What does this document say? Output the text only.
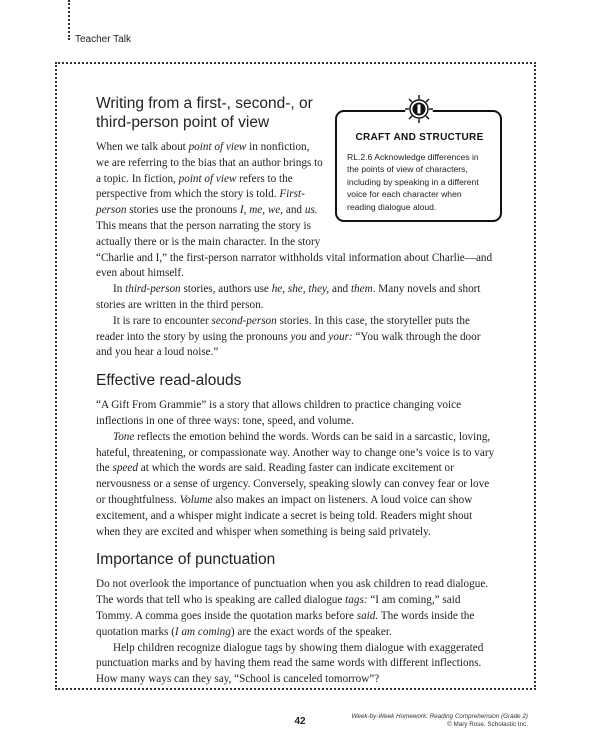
Teacher Talk
CRAFT AND STRUCTURE
RL.2.6 Acknowledge differences in the points of view of characters, including by speaking in a different voice for each character when reading dialogue aloud.
Writing from a first-, second-, or third-person point of view

When we talk about point of view in nonfiction, we are referring to the bias that an author brings to a topic. In fiction, point of view refers to the perspective from which the story is told. First-person stories use the pronouns I, me, we, and us. This means that the person narrating the story is actually there or is the main character. In the story “Charlie and I,” the first-person narrator withholds vital information about Charlie—and even about himself.

In third-person stories, authors use he, she, they, and them. Many novels and short stories are written in the third person.

It is rare to encounter second-person stories. In this case, the storyteller puts the reader into the story by using the pronouns you and your: “You walk through the door and you hear a loud noise.”

Effective read-alouds

“A Gift From Grammie” is a story that allows children to practice changing voice inflections in one of three ways: tone, speed, and volume.

Tone reflects the emotion behind the words. Words can be said in a sarcastic, loving, hateful, threatening, or compassionate way. Another way to change one’s voice is to vary the speed at which the words are said. Reading faster can indicate excitement or nervousness or a sense of urgency. Conversely, speaking slowly can convey fear or love or thoughtfulness. Volume also makes an impact on listeners. A loud voice can show excitement, and a whisper might indicate a secret is being told. Readers might shout when they are excited and whisper when something is being said privately.

Importance of punctuation

Do not overlook the importance of punctuation when you ask children to read dialogue. The words that tell who is speaking are called dialogue tags: “I am coming,” said Tommy. A comma goes inside the quotation marks before said. The words inside the quotation marks (I am coming) are the exact words of the speaker.

Help children recognize dialogue tags by showing them dialogue with exaggerated punctuation marks and by having them read the same words with different inflections. How many ways can they say, “School is canceled tomorrow”?

42	Week-by-Week Homework: Reading Comprehension (Grade 2)
© Mary Rose, Scholastic Inc.
